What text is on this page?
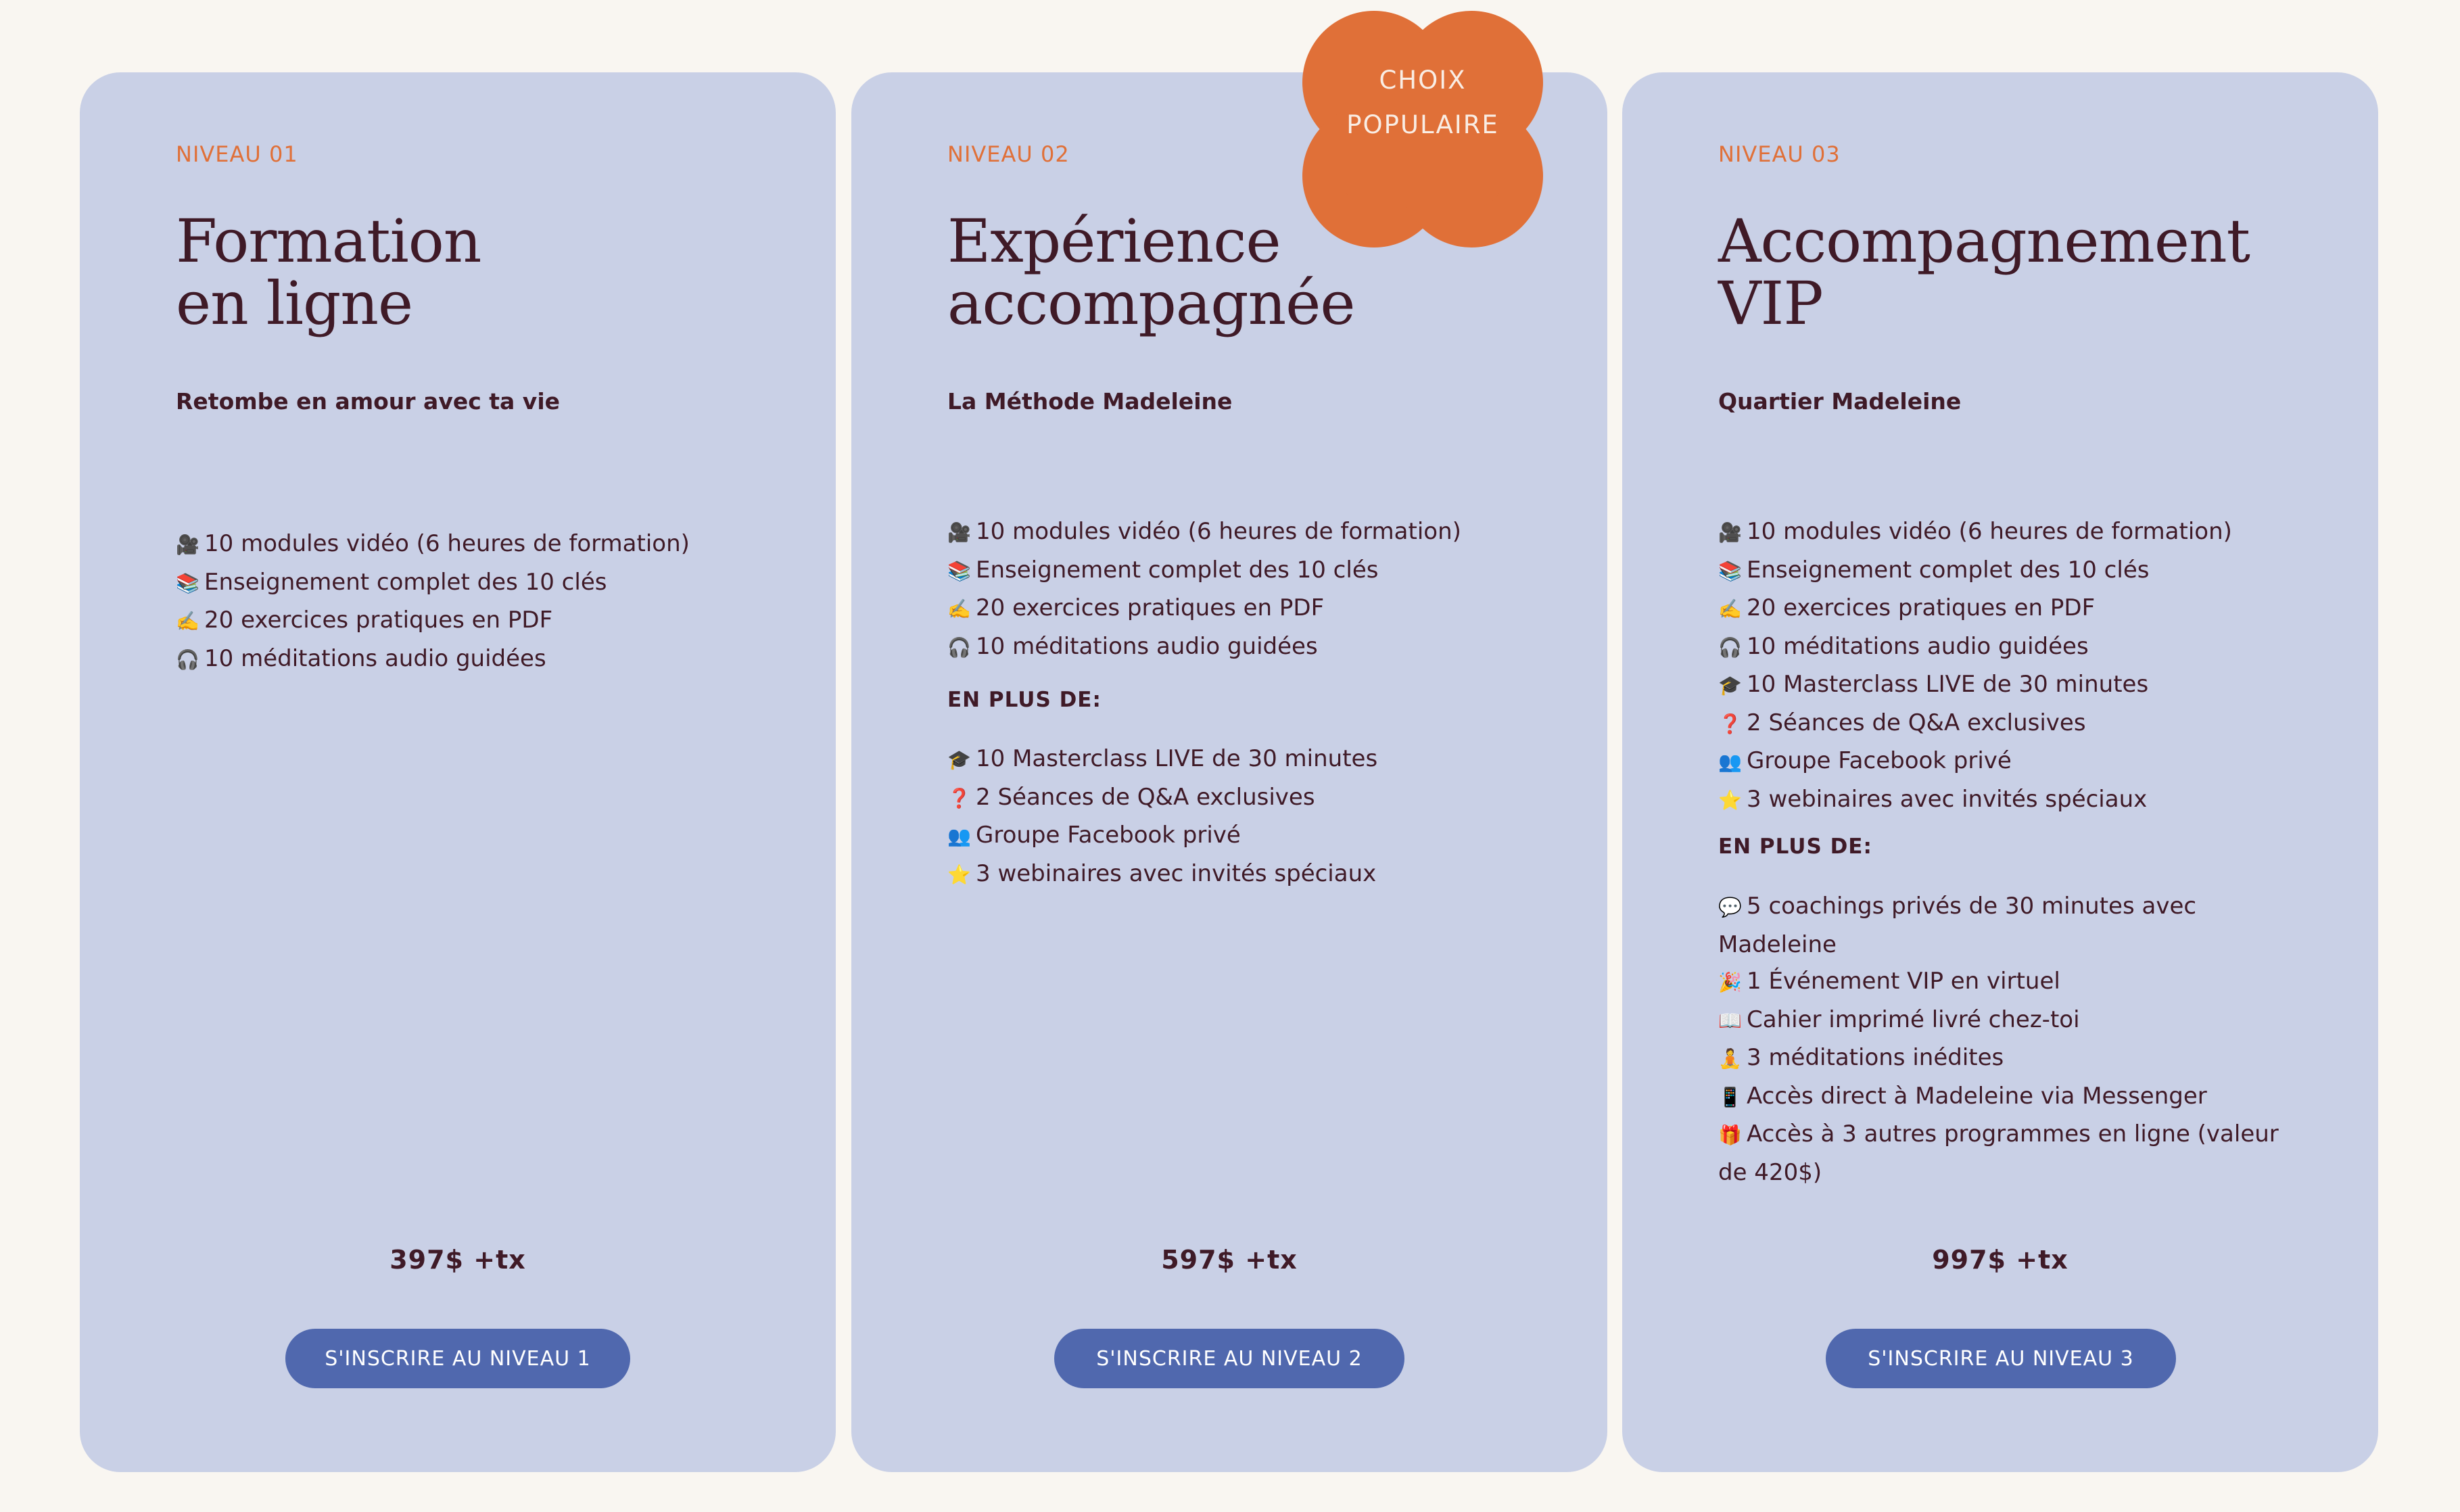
NIVEAU 01
Formation
en ligne
Retombe en amour avec ta vie
🎥 10 modules vidéo (6 heures de formation)
📚 Enseignement complet des 10 clés
✍️ 20 exercices pratiques en PDF
🎧 10 méditations audio guidées
397$ +tx
S'INSCRIRE AU NIVEAU 1
NIVEAU 02
Expérience
accompagnée
La Méthode Madeleine
🎥 10 modules vidéo (6 heures de formation)
📚 Enseignement complet des 10 clés
✍️ 20 exercices pratiques en PDF
🎧 10 méditations audio guidées
EN PLUS DE:
🎓 10 Masterclass LIVE de 30 minutes
❓ 2 Séances de Q&A exclusives
👥 Groupe Facebook privé
⭐ 3 webinaires avec invités spéciaux
597$ +tx
S'INSCRIRE AU NIVEAU 2
NIVEAU 03
Accompagnement
VIP
Quartier Madeleine
🎥 10 modules vidéo (6 heures de formation)
📚 Enseignement complet des 10 clés
✍️ 20 exercices pratiques en PDF
🎧 10 méditations audio guidées
🎓 10 Masterclass LIVE de 30 minutes
❓ 2 Séances de Q&A exclusives
👥 Groupe Facebook privé
⭐ 3 webinaires avec invités spéciaux
EN PLUS DE:
💬 5 coachings privés de 30 minutes avec Madeleine
🎉 1 Événement VIP en virtuel
📖 Cahier imprimé livré chez-toi
🧘 3 méditations inédites
📱 Accès direct à Madeleine via Messenger
🎁 Accès à 3 autres programmes en ligne (valeur de 420$)
997$ +tx
S'INSCRIRE AU NIVEAU 3
CHOIX
POPULAIRE
